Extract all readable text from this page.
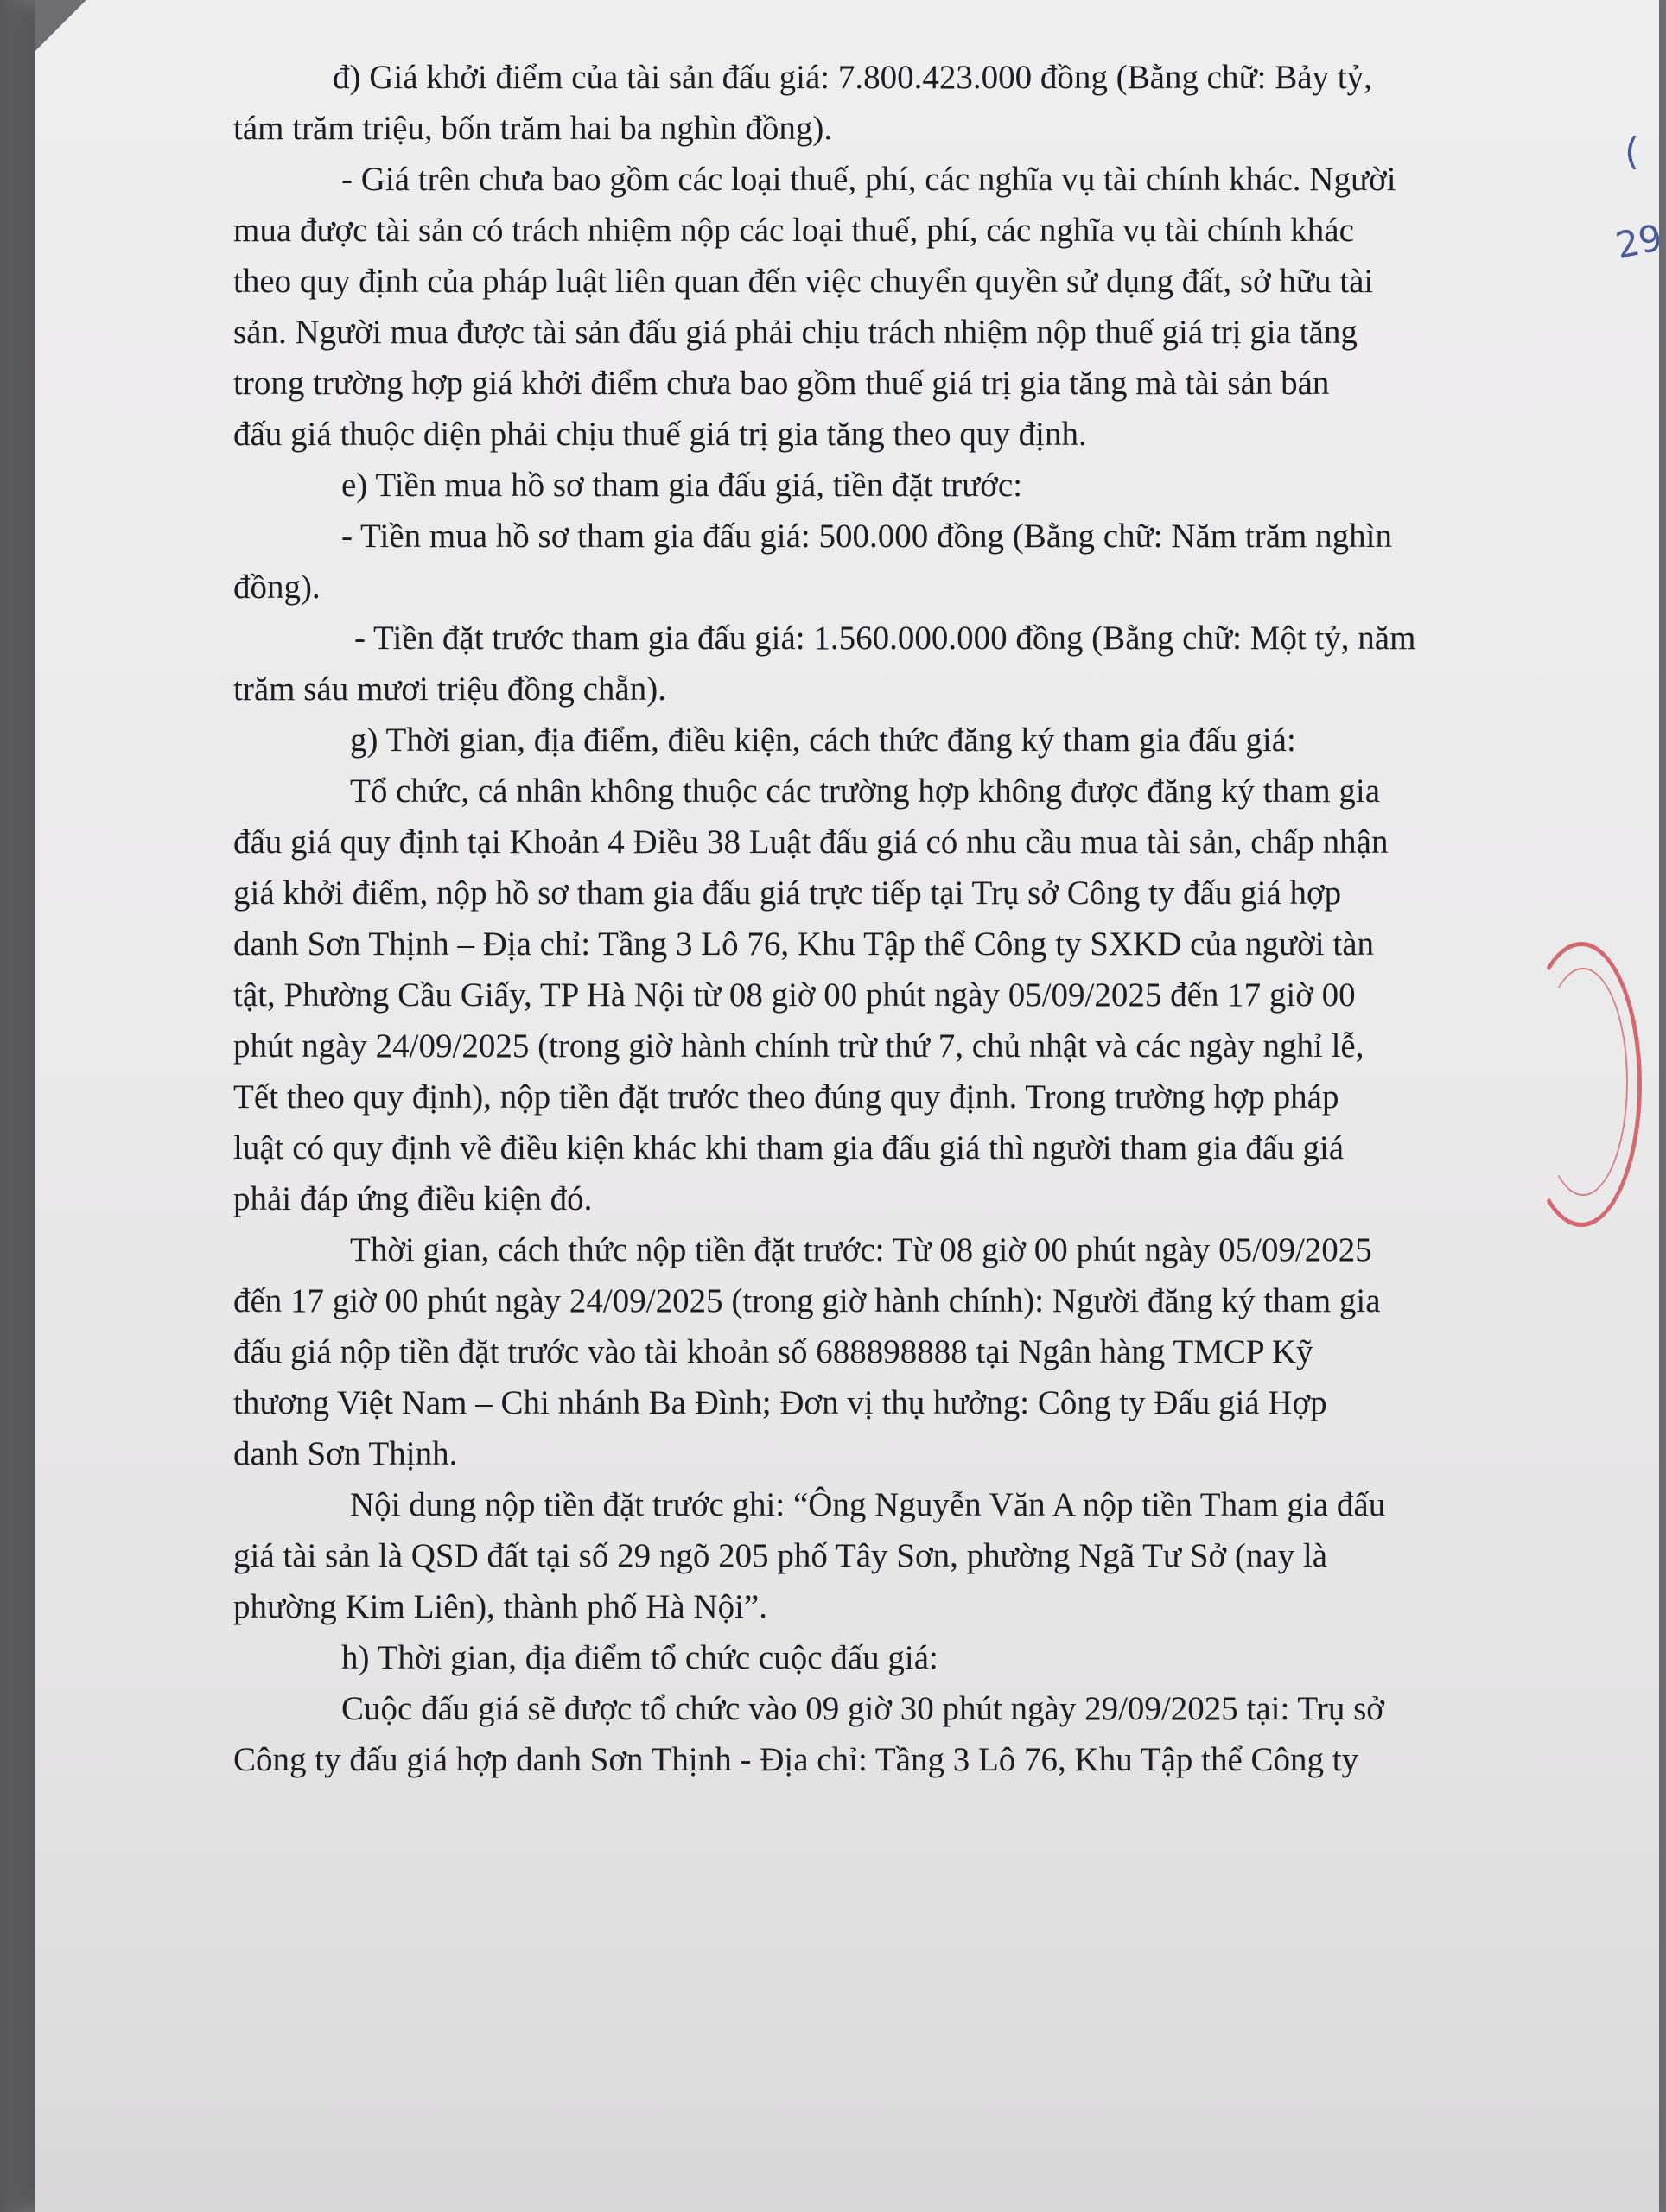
(
29

đ) Giá khởi điểm của tài sản đấu giá: 7.800.423.000 đồng (Bằng chữ: Bảy tỷ,
tám trăm triệu, bốn trăm hai ba nghìn đồng).

- Giá trên chưa bao gồm các loại thuế, phí, các nghĩa vụ tài chính khác. Người
mua được tài sản có trách nhiệm nộp các loại thuế, phí, các nghĩa vụ tài chính khác
theo quy định của pháp luật liên quan đến việc chuyển quyền sử dụng đất, sở hữu tài
sản. Người mua được tài sản đấu giá phải chịu trách nhiệm nộp thuế giá trị gia tăng
trong trường hợp giá khởi điểm chưa bao gồm thuế giá trị gia tăng mà tài sản bán
đấu giá thuộc diện phải chịu thuế giá trị gia tăng theo quy định.

e) Tiền mua hồ sơ tham gia đấu giá, tiền đặt trước:

- Tiền mua hồ sơ tham gia đấu giá: 500.000 đồng (Bằng chữ: Năm trăm nghìn
đồng).

- Tiền đặt trước tham gia đấu giá: 1.560.000.000 đồng (Bằng chữ: Một tỷ, năm
trăm sáu mươi triệu đồng chẵn).

g) Thời gian, địa điểm, điều kiện, cách thức đăng ký tham gia đấu giá:

Tổ chức, cá nhân không thuộc các trường hợp không được đăng ký tham gia
đấu giá quy định tại Khoản 4 Điều 38 Luật đấu giá có nhu cầu mua tài sản, chấp nhận
giá khởi điểm, nộp hồ sơ tham gia đấu giá trực tiếp tại Trụ sở Công ty đấu giá hợp
danh Sơn Thịnh – Địa chỉ: Tầng 3 Lô 76, Khu Tập thể Công ty SXKD của người tàn
tật, Phường Cầu Giấy, TP Hà Nội từ 08 giờ 00 phút ngày 05/09/2025 đến 17 giờ 00
phút ngày 24/09/2025 (trong giờ hành chính trừ thứ 7, chủ nhật và các ngày nghỉ lễ,
Tết theo quy định), nộp tiền đặt trước theo đúng quy định. Trong trường hợp pháp
luật có quy định về điều kiện khác khi tham gia đấu giá thì người tham gia đấu giá
phải đáp ứng điều kiện đó.

Thời gian, cách thức nộp tiền đặt trước: Từ 08 giờ 00 phút ngày 05/09/2025
đến 17 giờ 00 phút ngày 24/09/2025 (trong giờ hành chính): Người đăng ký tham gia
đấu giá nộp tiền đặt trước vào tài khoản số 688898888 tại Ngân hàng TMCP Kỹ
thương Việt Nam – Chi nhánh Ba Đình; Đơn vị thụ hưởng: Công ty Đấu giá Hợp
danh Sơn Thịnh.

Nội dung nộp tiền đặt trước ghi: “Ông Nguyễn Văn A nộp tiền Tham gia đấu
giá tài sản là QSD đất tại số 29 ngõ 205 phố Tây Sơn, phường Ngã Tư Sở (nay là
phường Kim Liên), thành phố Hà Nội”.

h) Thời gian, địa điểm tổ chức cuộc đấu giá:

Cuộc đấu giá sẽ được tổ chức vào 09 giờ 30 phút ngày 29/09/2025 tại: Trụ sở
Công ty đấu giá hợp danh Sơn Thịnh - Địa chỉ: Tầng 3 Lô 76, Khu Tập thể Công ty
